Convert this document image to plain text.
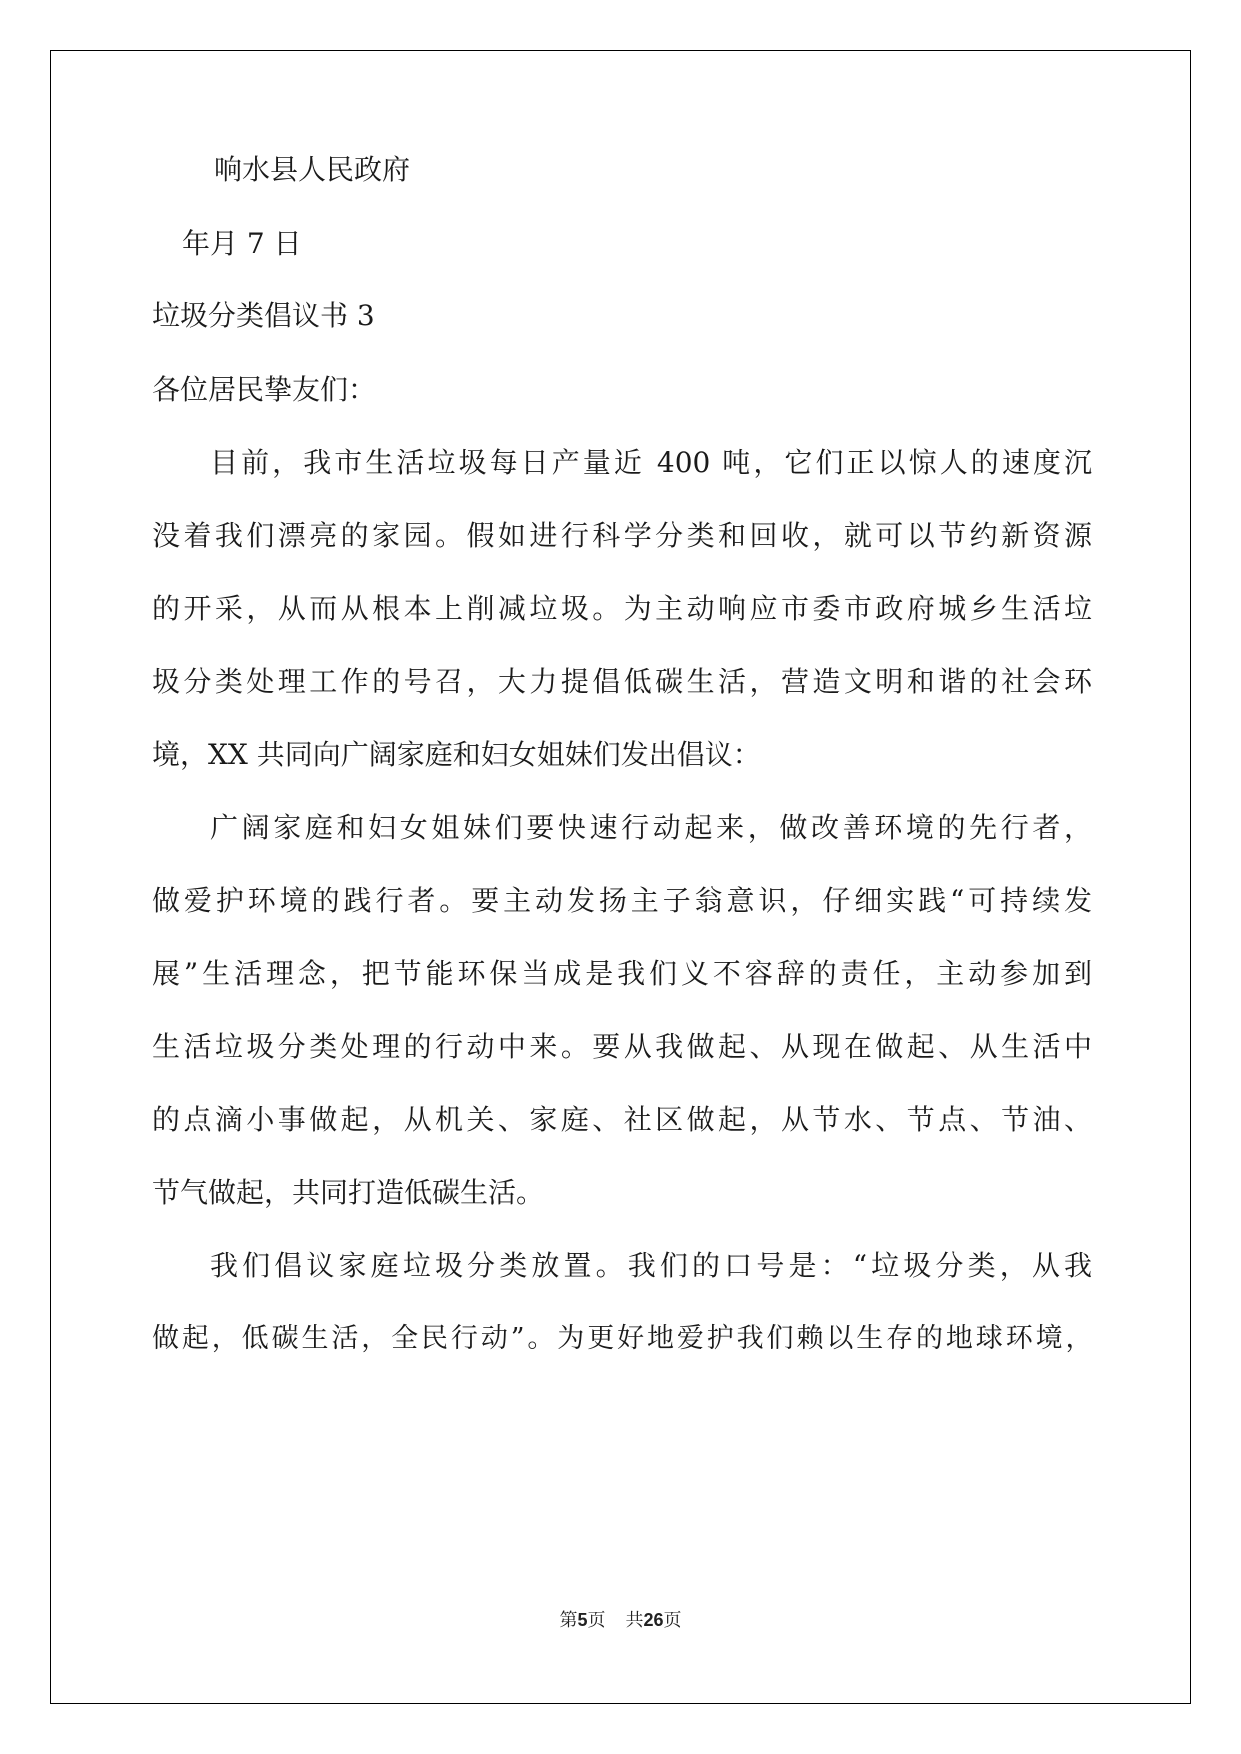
响水县人民政府
年月 7 日
垃圾分类倡议书 3
各位居民挚友们：
目前，我市生活垃圾每日产量近 400 吨，它们正以惊人的速度沉
没着我们漂亮的家园。假如进行科学分类和回收，就可以节约新资源
的开采，从而从根本上削减垃圾。为主动响应市委市政府城乡生活垃
圾分类处理工作的号召，大力提倡低碳生活，营造文明和谐的社会环
境，XX 共同向广阔家庭和妇女姐妹们发出倡议：
广阔家庭和妇女姐妹们要快速行动起来，做改善环境的先行者，
做爱护环境的践行者。要主动发扬主子翁意识，仔细实践“可持续发
展”生活理念，把节能环保当成是我们义不容辞的责任，主动参加到
生活垃圾分类处理的行动中来。要从我做起、从现在做起、从生活中
的点滴小事做起，从机关、家庭、社区做起，从节水、节点、节油、
节气做起，共同打造低碳生活。
我们倡议家庭垃圾分类放置。我们的口号是：“垃圾分类，从我
做起，低碳生活，全民行动”。为更好地爱护我们赖以生存的地球环境，
第5页 共26页
